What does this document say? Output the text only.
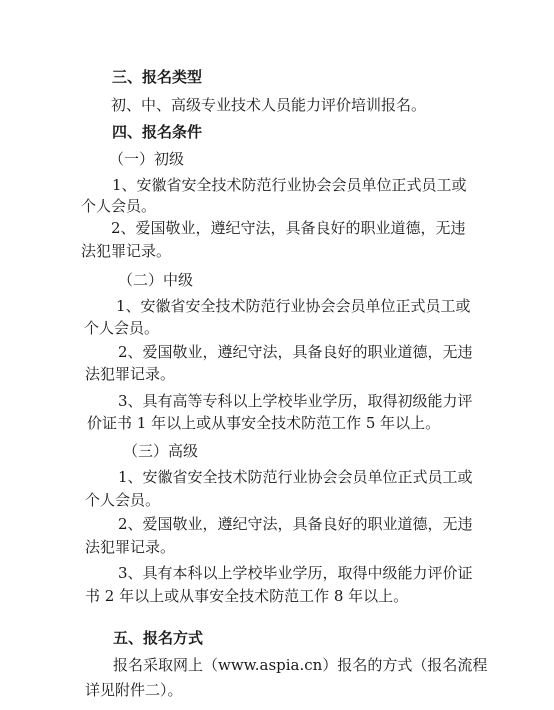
三、报名类型
初、中、高级专业技术人员能力评价培训报名。
四、报名条件
（一）初级
1、安徽省安全技术防范行业协会会员单位正式员工或
个人会员。
2、爱国敬业，遵纪守法，具备良好的职业道德，无违
法犯罪记录。
（二）中级
1、安徽省安全技术防范行业协会会员单位正式员工或
个人会员。
2、爱国敬业，遵纪守法，具备良好的职业道德，无违
法犯罪记录。
3、具有高等专科以上学校毕业学历，取得初级能力评
价证书 1 年以上或从事安全技术防范工作 5 年以上。
（三）高级
1、安徽省安全技术防范行业协会会员单位正式员工或
个人会员。
2、爱国敬业，遵纪守法，具备良好的职业道德，无违
法犯罪记录。
3、具有本科以上学校毕业学历，取得中级能力评价证
书 2 年以上或从事安全技术防范工作 8 年以上。
五、报名方式
报名采取网上（www.aspia.cn）报名的方式（报名流程
详见附件二）。
